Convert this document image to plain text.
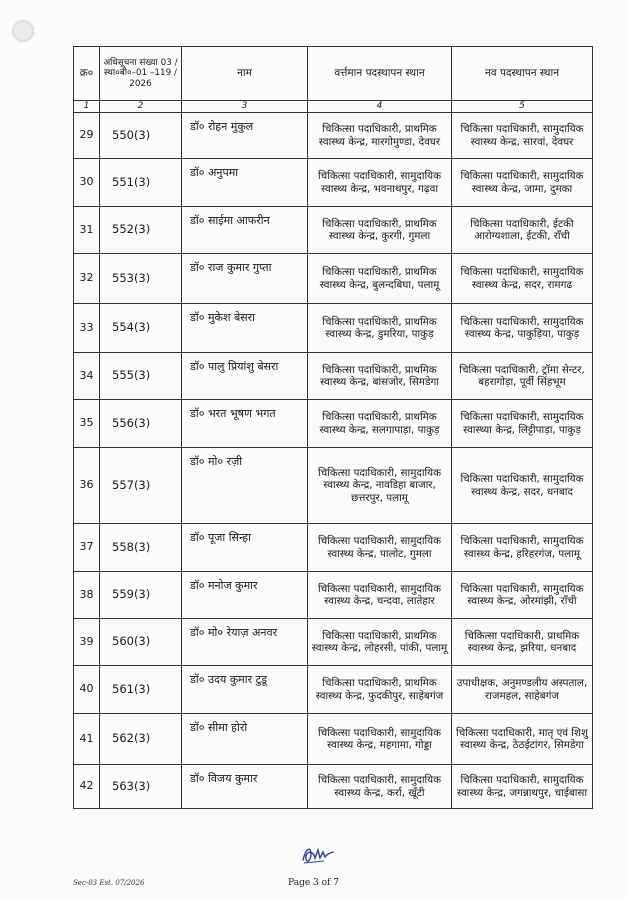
क्र०	अधिसूचना संख्या 03 / स्था०बी०–01 –119 / 2026	नाम	वर्त्तमान पदस्थापन स्थान	नव पदस्थापन स्थान
1	2	3	4	5
29	550(3)	डॉ० रोहन मुकुल	चिकित्सा पदाधिकारी, प्राथमिक स्वास्थ्य केन्द्र, मारगोमुण्डा, देवघर	चिकित्सा पदाधिकारी, सामुदायिक स्वास्थ्य केन्द्र, सारवां, देवघर
30	551(3)	डॉ० अनुपमा	चिकित्सा पदाधिकारी, सामुदायिक स्वास्थ्य केन्द्र, भवनाथपुर, गढ़वा	चिकित्सा पदाधिकारी, सामुदायिक स्वास्थ्य केन्द्र, जामा, दुमका
31	552(3)	डॉ० साईमा आफरीन	चिकित्सा पदाधिकारी, प्राथमिक स्वास्थ्य केन्द्र, कुरगी, गुमला	चिकित्सा पदाधिकारी, ईटकी आरोग्यशाला, ईटकी, राँची
32	553(3)	डॉ० राज कुमार गुप्ता	चिकित्सा पदाधिकारी, प्राथमिक स्वास्थ्य केन्द्र, बुलन्दबिघा, पलामू	चिकित्सा पदाधिकारी, सामुदायिक स्वास्थ्य केन्द्र, सदर, रामगढ
33	554(3)	डॉ० मुकेश बेसरा	चिकित्सा पदाधिकारी, प्राथमिक स्वास्थ्य केन्द्र, डुमरिया, पाकुड़	चिकित्सा पदाधिकारी, सामुदायिक स्वास्थ्य केन्द्र, पाकुड़िया, पाकुड़
34	555(3)	डॉ० पालु प्रियांशु बेसरा	चिकित्सा पदाधिकारी, प्राथमिक स्वास्थ्य केन्द्र, बांसजोर, सिमडेगा	चिकित्सा पदाधिकारी, ट्रॉमा सेन्टर, बहरागोड़ा, पूर्वी सिंहभूम
35	556(3)	डॉ० भरत भूषण भगत	चिकित्सा पदाधिकारी, प्राथमिक स्वास्थ्य केन्द्र, सलगापाड़ा, पाकुड़	चिकित्सा पदाधिकारी, सामुदायिक स्वास्थ्या केन्द्र, लिट्टीपाड़ा, पाकुड़
36	557(3)	डॉ० मो० रज़ी	चिकित्सा पदाधिकारी, सामुदायिक स्वास्थ्य केन्द्र, नावडिहा बाजार, छत्तरपुर, पलामू	चिकित्सा पदाधिकारी, सामुदायिक स्वास्थ्य केन्द्र, सदर, धनबाद
37	558(3)	डॉ० पूजा सिन्हा	चिकित्सा पदाधिकारी, सामुदायिक स्वास्थ्य केन्द्र, पालोट, गुमला	चिकित्सा पदाधिकारी, सामुदायिक स्वास्थ्य केन्द्र, हरिहरगंज, पलामू
38	559(3)	डॉ० मनोज कुमार	चिकित्सा पदाधिकारी, सामुदायिक स्वास्थ्य केन्द्र, चन्दवा, लातेहार	चिकित्सा पदाधिकारी, सामुदायिक स्वास्थ्य केन्द्र, ओरमांझी, राँची
39	560(3)	डॉ० मो० रेयाज़ अनवर	चिकित्सा पदाधिकारी, प्राथमिक स्वास्थ्य केन्द्र, लोहरसी, पांकी, पलामू	चिकित्सा पदाधिकारी, प्राथमिक स्वास्थ्य केन्द्र, झरिया, धनबाद
40	561(3)	डॉ० उदय कुमार टुडू	चिकित्सा पदाधिकारी, प्राथमिक स्वास्थ्य केन्द्र, फुदकीपुर, साहेबगंज	उपाधीक्षक, अनुमण्डलीय अस्पताल, राजमहल, साहेबगंज
41	562(3)	डॉ० सीमा होरो	चिकित्सा पदाधिकारी, सामुदायिक स्वास्थ्य केन्द्र, महगामा, गोड्डा	चिकित्सा पदाधिकारी, मातृ एवं शिशु स्वास्थ्य केन्द्र, ठेठईटांगर, सिमडेगा
42	563(3)	डॉ० विजय कुमार	चिकित्सा पदाधिकारी, सामुदायिक स्वास्थ्य केन्द्र, कर्रा, खूँटी	चिकित्सा पदाधिकारी, सामुदायिक स्वास्थ्य केन्द्र, जगन्नाथपुर, चाईबासा
Sec-03 Est. 07/2026	Page 3 of 7
